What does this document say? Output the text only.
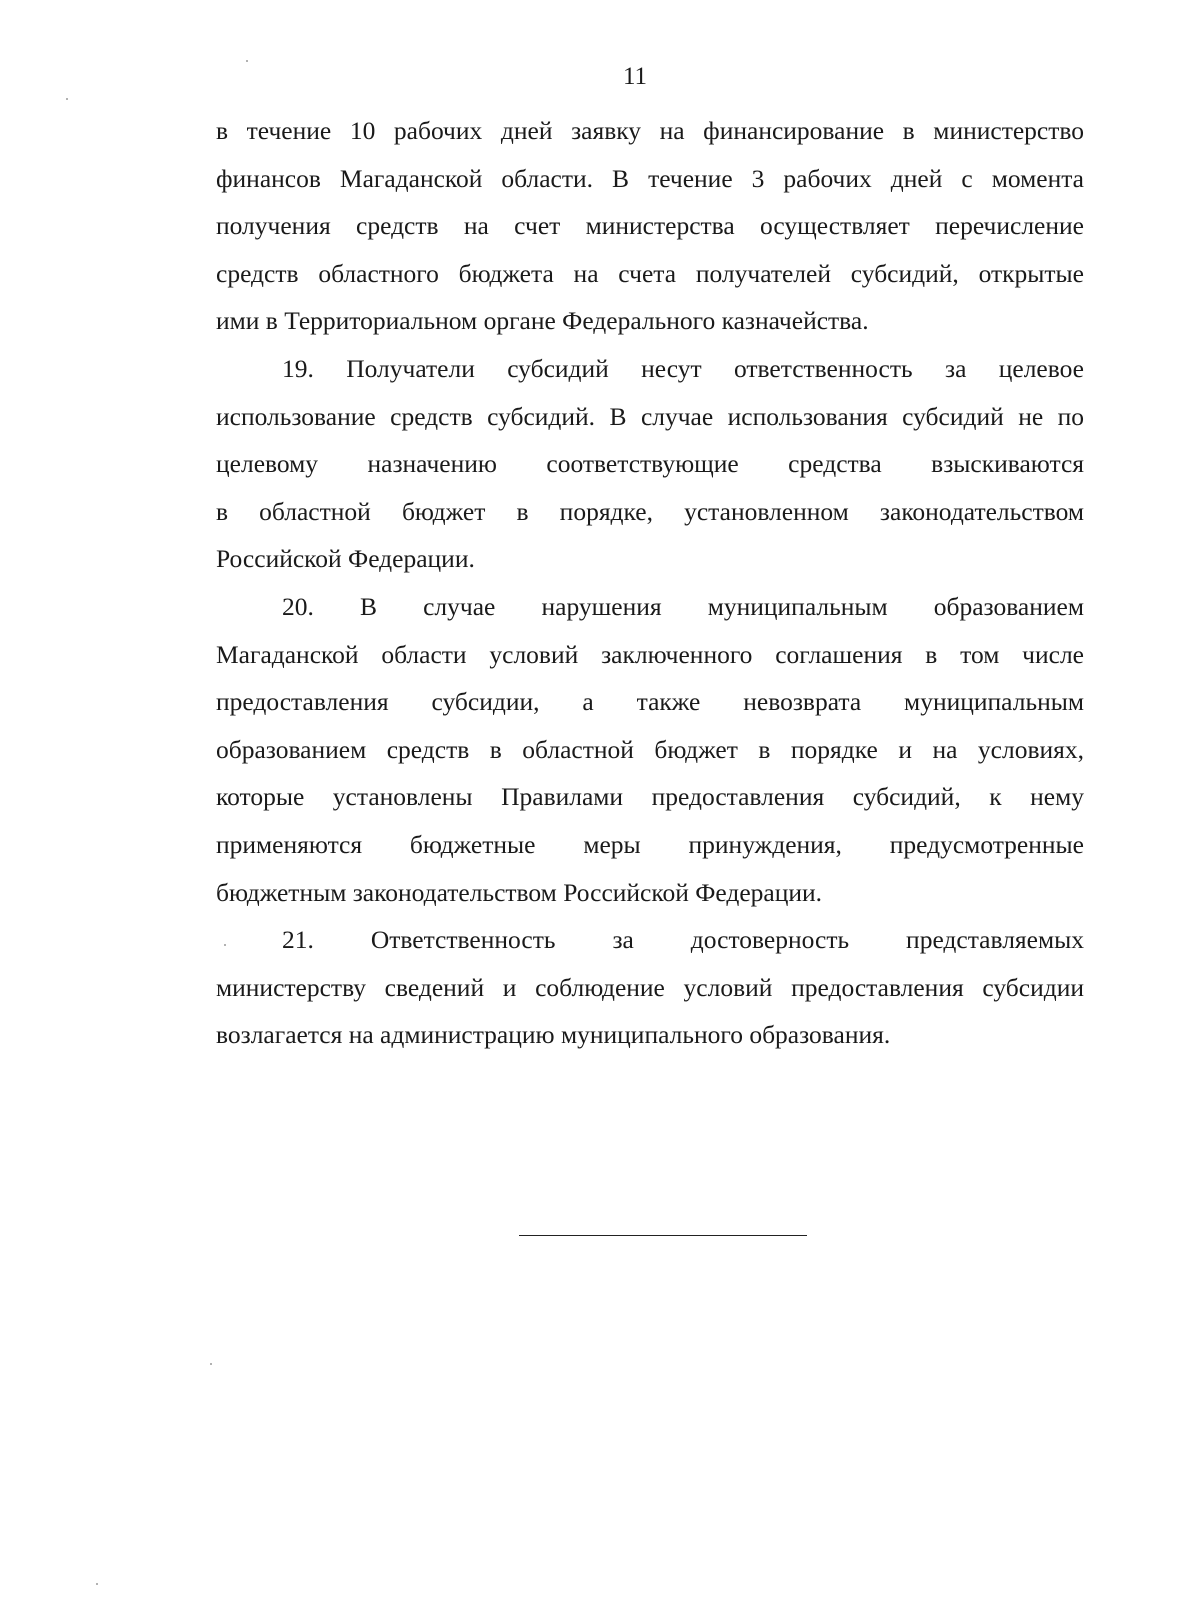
11
в течение 10 рабочих дней заявку на финансирование в министерство
финансов Магаданской области. В течение 3 рабочих дней с момента
получения средств на счет министерства осуществляет перечисление
средств областного бюджета на счета получателей субсидий, открытые
ими в Территориальном органе Федерального казначейства.
19. Получатели субсидий несут ответственность за целевое
использование средств субсидий. В случае использования субсидий не по
целевому назначению соответствующие средства взыскиваются
в областной бюджет в порядке, установленном законодательством
Российской Федерации.
20. В случае нарушения муниципальным образованием
Магаданской области условий заключенного соглашения в том числе
предоставления субсидии, а также невозврата муниципальным
образованием средств в областной бюджет в порядке и на условиях,
которые установлены Правилами предоставления субсидий, к нему
применяются бюджетные меры принуждения, предусмотренные
бюджетным законодательством Российской Федерации.
21. Ответственность за достоверность представляемых
министерству сведений и соблюдение условий предоставления субсидии
возлагается на администрацию муниципального образования.
